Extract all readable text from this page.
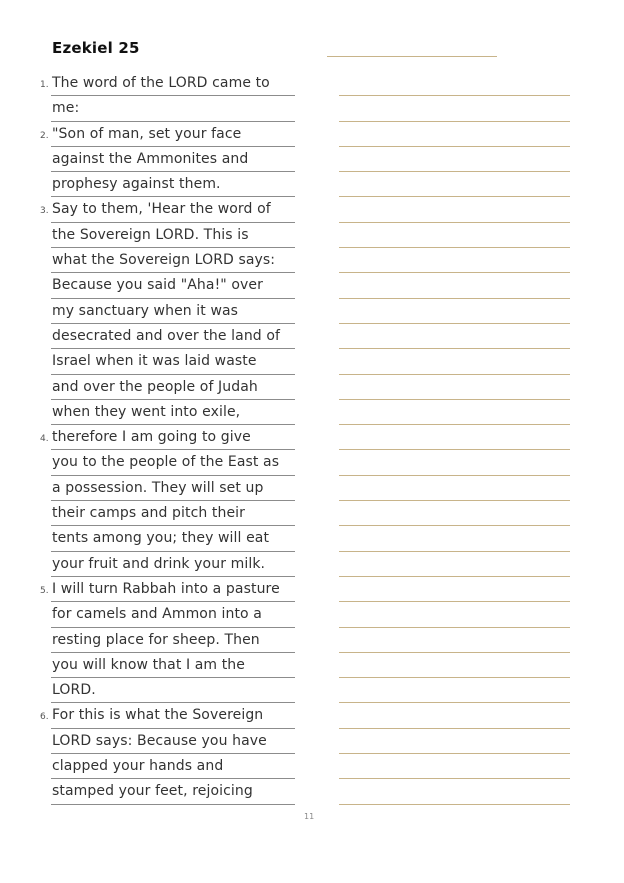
Ezekiel 25
1. The word of the LORD came to
me:
2. "Son of man, set your face
against the Ammonites and
prophesy against them.
3. Say to them, 'Hear the word of
the Sovereign LORD. This is
what the Sovereign LORD says:
Because you said "Aha!" over
my sanctuary when it was
desecrated and over the land of
Israel when it was laid waste
and over the people of Judah
when they went into exile,
4. therefore I am going to give
you to the people of the East as
a possession. They will set up
their camps and pitch their
tents among you; they will eat
your fruit and drink your milk.
5. I will turn Rabbah into a pasture
for camels and Ammon into a
resting place for sheep. Then
you will know that I am the
LORD.
6. For this is what the Sovereign
LORD says: Because you have
clapped your hands and
stamped your feet, rejoicing
11
